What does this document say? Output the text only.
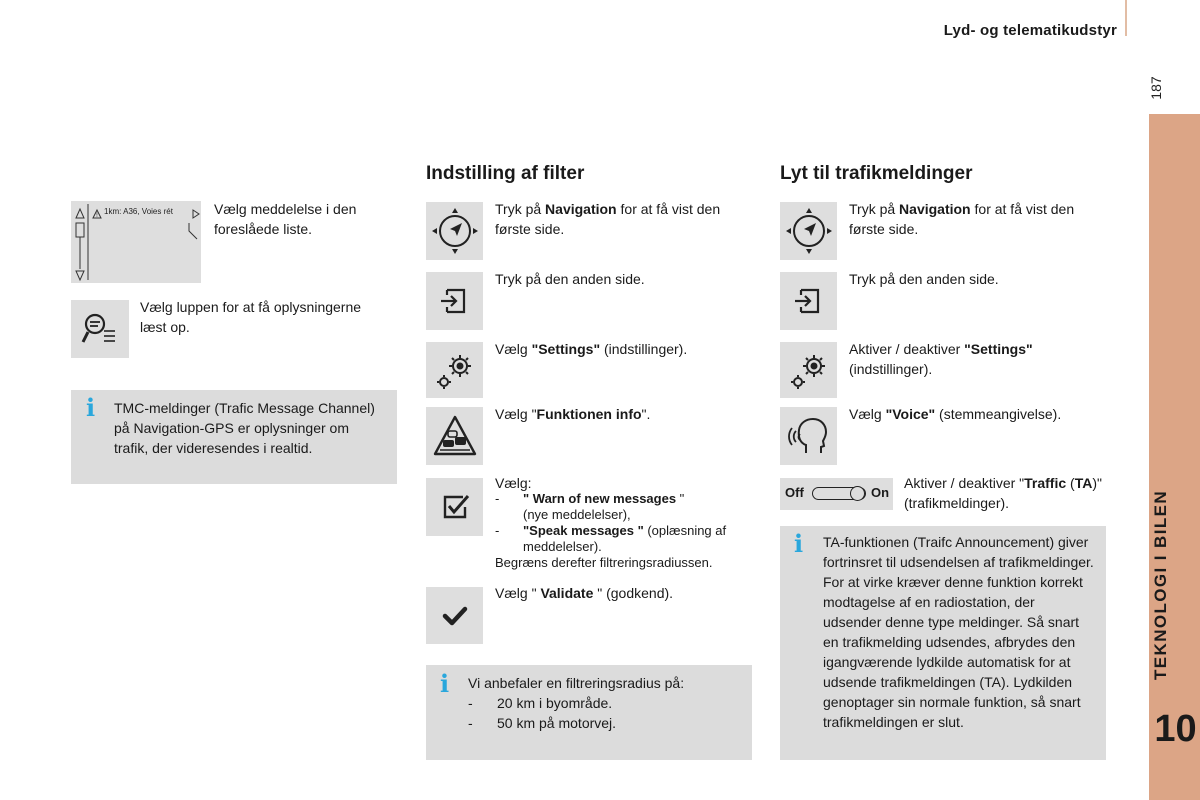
Lyd- og telematikudstyr
187
TEKNOLOGI I BILEN
10
! 1km: A36, Voies rét	Vælg meddelelse i den foreslåede liste.
Vælg luppen for at få oplysningerne læst op.
i TMC-meldinger (Trafic Message Channel) på Navigation-GPS er oplysninger om trafik, der videresendes i realtid.
Indstilling af filter
Tryk på Navigation for at få vist den første side.
Tryk på den anden side.
Vælg "Settings" (indstillinger).
Vælg "Funktionen info".
Vælg:
- " Warn of new messages "
(nye meddelelser),
- "Speak messages " (oplæsning af meddelelser).
Begræns derefter filtreringsradiussen.
Vælg " Validate " (godkend).
i Vi anbefaler en filtreringsradius på:
- 20 km i byområde.
- 50 km på motorvej.
Lyt til trafikmeldinger
Tryk på Navigation for at få vist den første side.
Tryk på den anden side.
Aktiver / deaktiver "Settings" (indstillinger).
Vælg "Voice" (stemmeangivelse).
Off	On
Aktiver / deaktiver "Traffic (TA)" (trafikmeldinger).
i TA-funktionen (Traifc Announcement) giver fortrinsret til udsendelsen af trafikmeldinger. For at virke kræver denne funktion korrekt modtagelse af en radiostation, der udsender denne type meldinger. Så snart en trafikmelding udsendes, afbrydes den igangværende lydkilde automatisk for at udsende trafikmeldingen (TA). Lydkilden genoptager sin normale funktion, så snart trafikmeldingen er slut.
